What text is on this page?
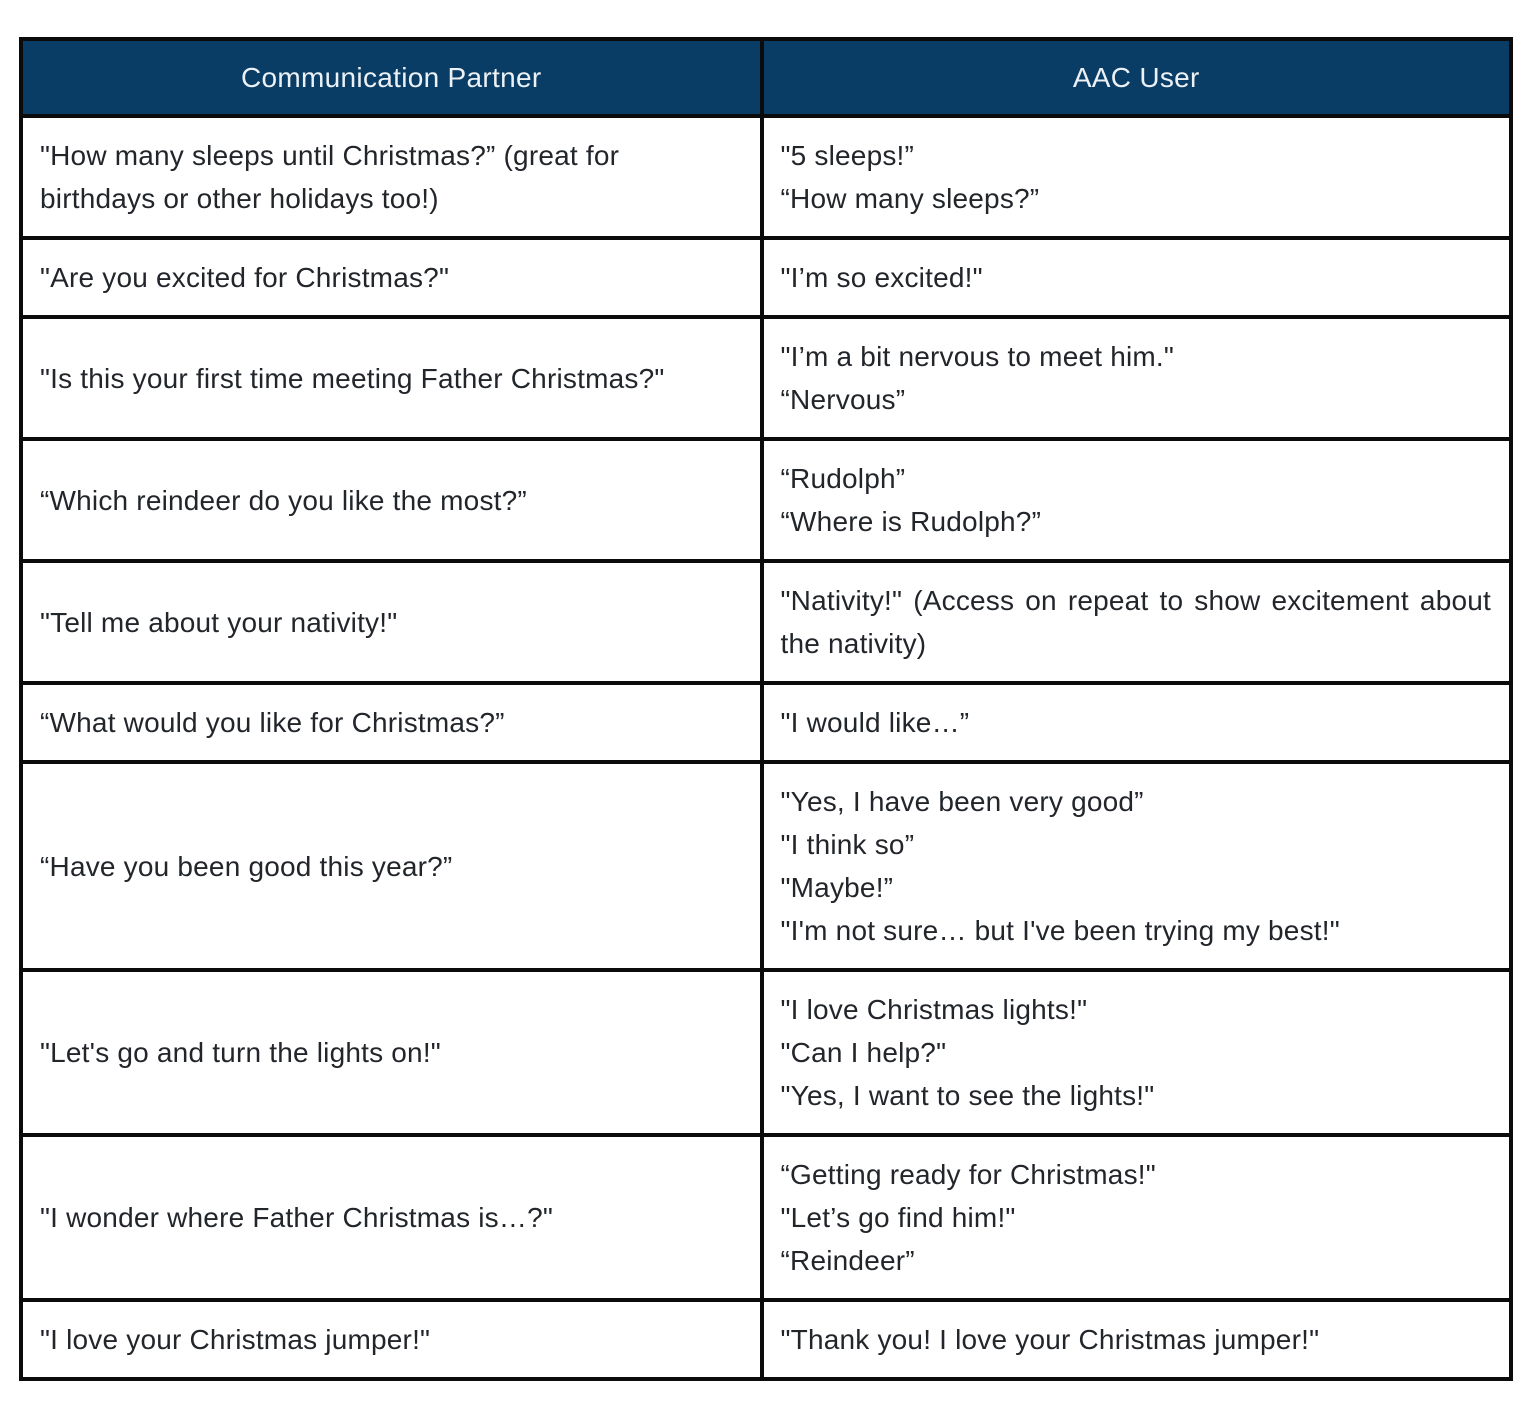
Communication Partner	AAC User

"How many sleeps until Christmas?” (great for birthdays or other holidays too!)	"5 sleeps!”
“How many sleeps?”

"Are you excited for Christmas?"	"I’m so excited!"

"Is this your first time meeting Father Christmas?"	"I’m a bit nervous to meet him."
“Nervous”

“Which reindeer do you like the most?”	“Rudolph”
“Where is Rudolph?”

"Tell me about your nativity!"	"Nativity!" (Access on repeat to show excitement about the nativity)

“What would you like for Christmas?”	"I would like…”

“Have you been good this year?”	"Yes, I have been very good”
"I think so”
"Maybe!”
"I'm not sure… but I've been trying my best!"

"Let's go and turn the lights on!"	"I love Christmas lights!"
"Can I help?"
"Yes, I want to see the lights!"

"I wonder where Father Christmas is…?"	“Getting ready for Christmas!"
"Let’s go find him!"
“Reindeer”

"I love your Christmas jumper!"	"Thank you! I love your Christmas jumper!"
